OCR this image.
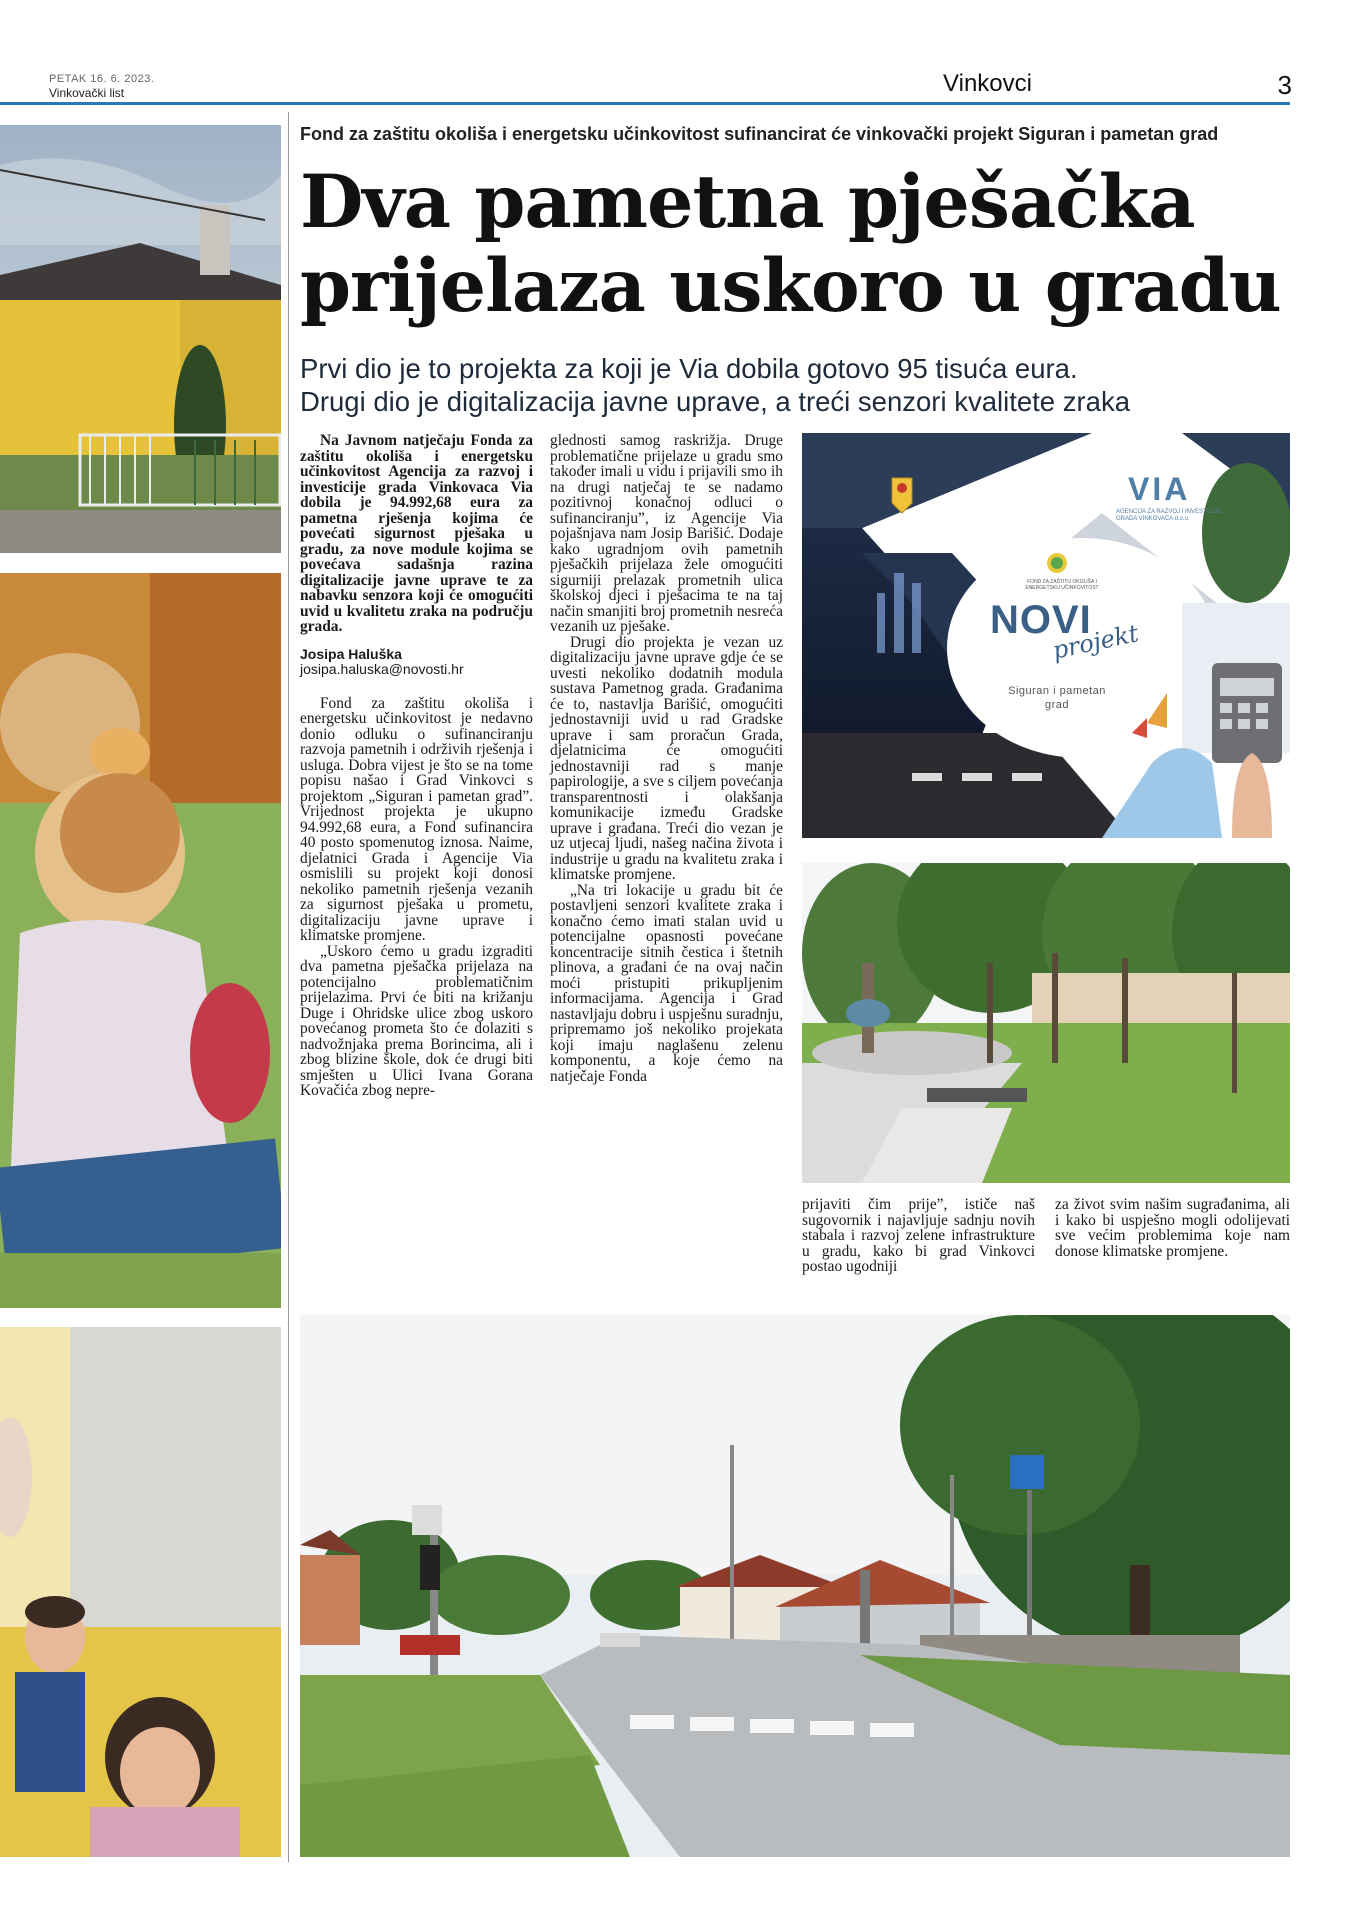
PETAK 16. 6. 2023.
Vinkovački list	Vinkovci	3
Fond za zaštitu okoliša i energetsku učinkovitost sufinancirat će vinkovački projekt Siguran i pametan grad
Dva pametna pješačka
prijelaza uskoro u gradu
Prvi dio je to projekta za koji je Via dobila gotovo 95 tisuća eura.
Drugi dio je digitalizacija javne uprave, a treći senzori kvalitete zraka

Na Javnom natječaju Fonda za zaštitu okoliša i energetsku učinkovitost Agencija za razvoj i investicije grada Vinkovaca Via dobila je 94.992,68 eura za pametna rješenja kojima će povećati sigurnost pješaka u gradu, za nove module kojima se povećava sadašnja razina digitalizacije javne uprave te za nabavku senzora koji će omogućiti uvid u kvalitetu zraka na području grada.

Josipa Haluška
josipa.haluska@novosti.hr

Fond za zaštitu okoliša i energetsku učinkovitost je nedavno donio odluku o sufinanciranju razvoja pametnih i održivih rješenja i usluga. Dobra vijest je što se na tome popisu našao i Grad Vinkovci s projektom „Siguran i pametan grad”. Vrijednost projekta je ukupno 94.992,68 eura, a Fond sufinancira 40 posto spomenutog iznosa. Naime, djelatnici Grada i Agencije Via osmislili su projekt koji donosi nekoliko pametnih rješenja vezanih za sigurnost pješaka u prometu, digitalizaciju javne uprave i klimatske promjene.

„Uskoro ćemo u gradu izgraditi dva pametna pješačka prijelaza na potencijalno problematičnim prijelazima. Prvi će biti na križanju Duge i Ohridske ulice zbog uskoro povećanog prometa što će dolaziti s nadvožnjaka prema Borincima, ali i zbog blizine škole, dok će drugi biti smješten u Ulici Ivana Gorana Kovačića zbog nepre-

glednosti samog raskrižja. Druge problematične prijelaze u gradu smo također imali u vidu i prijavili smo ih na drugi natječaj te se nadamo pozitivnoj konačnoj odluci o sufinanciranju”, iz Agencije Via pojašnjava nam Josip Barišić. Dodaje kako ugradnjom ovih pametnih pješačkih prijelaza žele omogućiti sigurniji prelazak prometnih ulica školskoj djeci i pješacima te na taj način smanjiti broj prometnih nesreća vezanih uz pješake.

Drugi dio projekta je vezan uz digitalizaciju javne uprave gdje će se uvesti nekoliko dodatnih modula sustava Pametnog grada. Građanima će to, nastavlja Barišić, omogućiti jednostavniji uvid u rad Gradske uprave i sam proračun Grada, djelatnicima će omogućiti jednostavniji rad s manje papirologije, a sve s ciljem povećanja transparentnosti i olakšanja komunikacije između Gradske uprave i građana. Treći dio vezan je uz utjecaj ljudi, našeg načina života i industrije u gradu na kvalitetu zraka i klimatske promjene.

„Na tri lokacije u gradu bit će postavljeni senzori kvalitete zraka i konačno ćemo imati stalan uvid u potencijalne opasnosti povećane koncentracije sitnih čestica i štetnih plinova, a građani će na ovaj način moći pristupiti prikupljenim informacijama. Agencija i Grad nastavljaju dobru i uspješnu suradnju, pripremamo još nekoliko projekata koji imaju naglašenu zelenu komponentu, a koje ćemo na natječaje Fonda

prijaviti čim prije”, ističe naš sugovornik i najavljuje sadnju novih stabala i razvoj zelene infrastrukture u gradu, kako bi grad Vinkovci postao ugodniji

za život svim našim sugrađanima, ali i kako bi uspješno mogli odolijevati sve većim problemima koje nam donose klimatske promjene.

VIA
AGENCIJA ZA RAZVOJ I INVESTICIJE GRADA VINKOVACA d.o.o.
FOND ZA ZAŠTITU OKOLIŠA I ENERGETSKU UČINKOVITOST
NOVI
projekt
Siguran i pametan
grad
